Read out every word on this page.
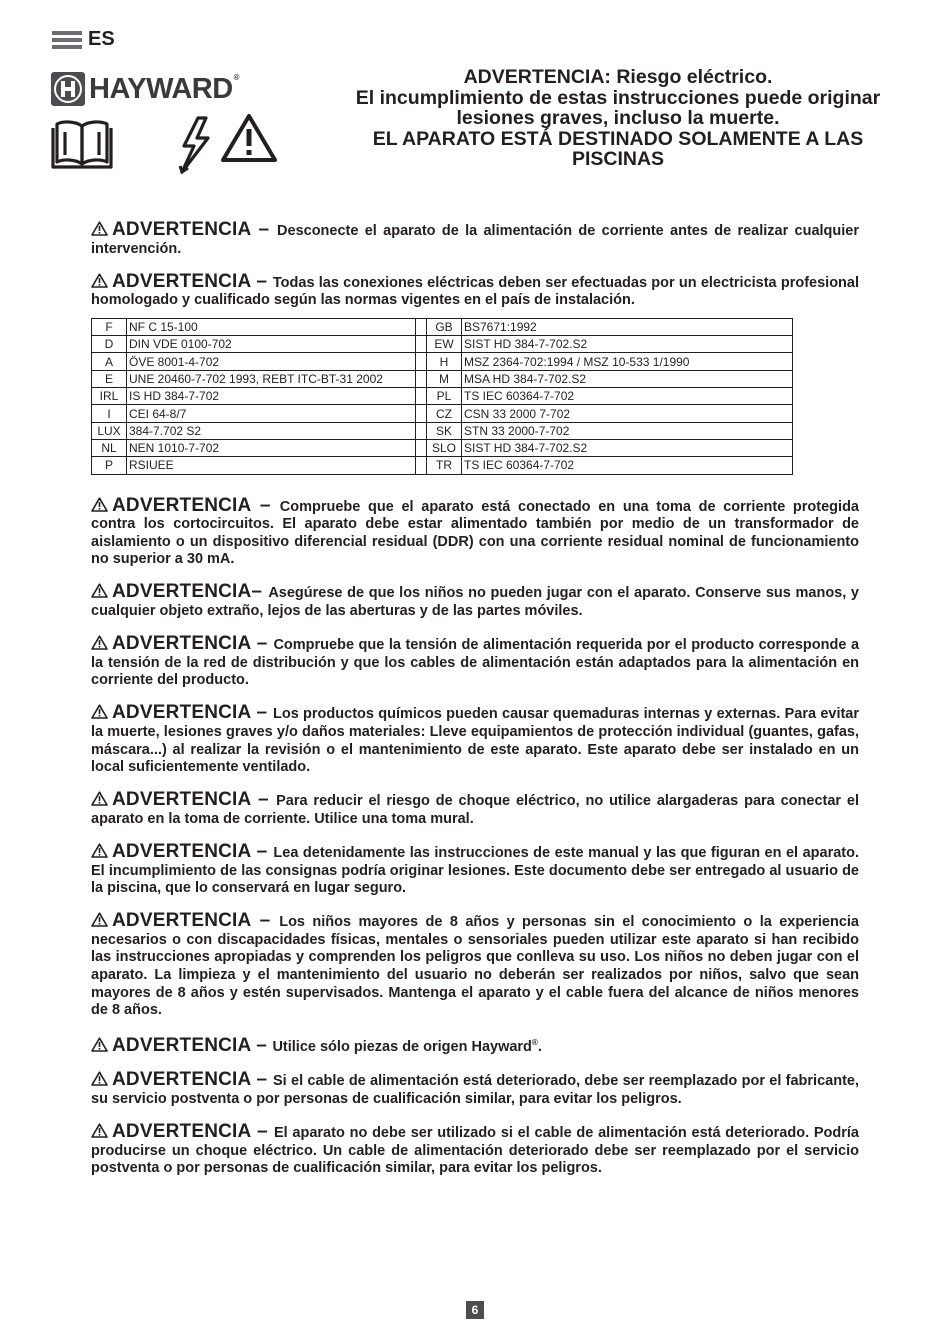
ES
HAYWARD®	ADVERTENCIA: Riesgo eléctrico.
El incumplimiento de estas instrucciones puede originar
lesiones graves, incluso la muerte.
EL APARATO ESTÁ DESTINADO SOLAMENTE A LAS
PISCINAS

ADVERTENCIA – Desconecte el aparato de la alimentación de corriente antes de realizar cualquier intervención.

ADVERTENCIA – Todas las conexiones eléctricas deben ser efectuadas por un electricista profesional homologado y cualificado según las normas vigentes en el país de instalación.

F	NF C 15-100		GB	BS7671:1992
D	DIN VDE 0100-702		EW	SIST HD 384-7-702.S2
A	ÖVE 8001-4-702		H	MSZ 2364-702:1994 / MSZ 10-533 1/1990
E	UNE 20460-7-702 1993, REBT ITC-BT-31 2002		M	MSA HD 384-7-702.S2
IRL	IS HD 384-7-702		PL	TS IEC 60364-7-702
I	CEI 64-8/7		CZ	CSN 33 2000 7-702
LUX	384-7.702 S2		SK	STN 33 2000-7-702
NL	NEN 1010-7-702		SLO	SIST HD 384-7-702.S2
P	RSIUEE		TR	TS IEC 60364-7-702

ADVERTENCIA – Compruebe que el aparato está conectado en una toma de corriente protegida contra los cortocircuitos. El aparato debe estar alimentado también por medio de un transformador de aislamiento o un dispositivo diferencial residual (DDR) con una corriente residual nominal de funcionamiento no superior a 30 mA.

ADVERTENCIA– Asegúrese de que los niños no pueden jugar con el aparato. Conserve sus manos, y cualquier objeto extraño, lejos de las aberturas y de las partes móviles.

ADVERTENCIA – Compruebe que la tensión de alimentación requerida por el producto corresponde a la tensión de la red de distribución y que los cables de alimentación están adaptados para la alimentación en corriente del producto.

ADVERTENCIA – Los productos químicos pueden causar quemaduras internas y externas. Para evitar la muerte, lesiones graves y/o daños materiales: Lleve equipamientos de protección individual (guantes, gafas, máscara...) al realizar la revisión o el mantenimiento de este aparato. Este aparato debe ser instalado en un local suficientemente ventilado.

ADVERTENCIA – Para reducir el riesgo de choque eléctrico, no utilice alargaderas para conectar el aparato en la toma de corriente. Utilice una toma mural.

ADVERTENCIA – Lea detenidamente las instrucciones de este manual y las que figuran en el aparato. El incumplimiento de las consignas podría originar lesiones. Este documento debe ser entregado al usuario de la piscina, que lo conservará en lugar seguro.

ADVERTENCIA – Los niños mayores de 8 años y personas sin el conocimiento o la experiencia necesarios o con discapacidades físicas, mentales o sensoriales pueden utilizar este aparato si han recibido las instrucciones apropiadas y comprenden los peligros que conlleva su uso. Los niños no deben jugar con el aparato. La limpieza y el mantenimiento del usuario no deberán ser realizados por niños, salvo que sean mayores de 8 años y estén supervisados. Mantenga el aparato y el cable fuera del alcance de niños menores de 8 años.

ADVERTENCIA – Utilice sólo piezas de origen Hayward®.

ADVERTENCIA – Si el cable de alimentación está deteriorado, debe ser reemplazado por el fabricante, su servicio postventa o por personas de cualificación similar, para evitar los peligros.

ADVERTENCIA – El aparato no debe ser utilizado si el cable de alimentación está deteriorado. Podría producirse un choque eléctrico. Un cable de alimentación deteriorado debe ser reemplazado por el servicio postventa o por personas de cualificación similar, para evitar los peligros.

6
